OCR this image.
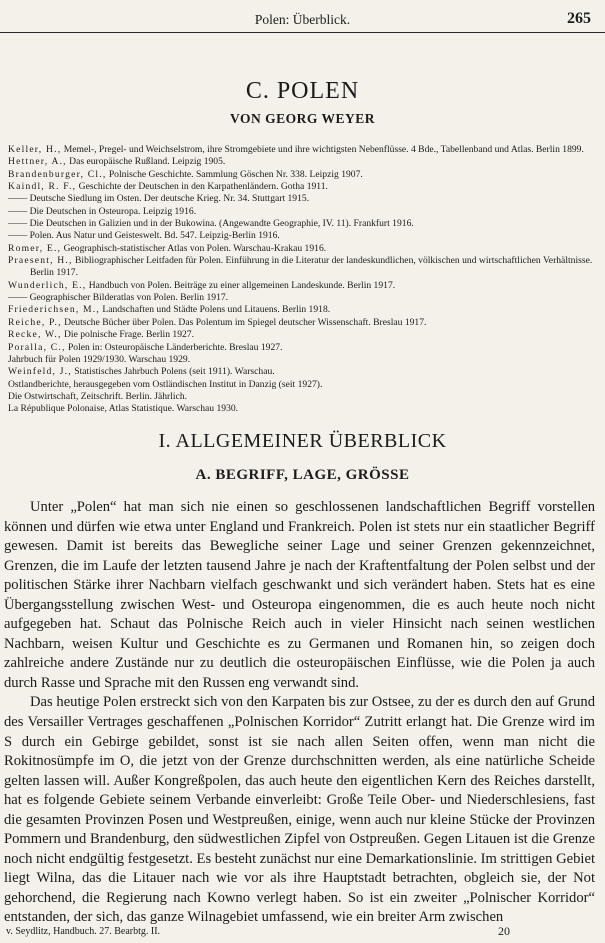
Polen: Überblick.	265
C. POLEN
VON GEORG WEYER
Keller, H., Memel-, Pregel- und Weichselstrom, ihre Stromgebiete und ihre wichtigsten Nebenflüsse. 4 Bde., Tabellenband und Atlas. Berlin 1899.
Hettner, A., Das europäische Rußland. Leipzig 1905.
Brandenburger, Cl., Polnische Geschichte. Sammlung Göschen Nr. 338. Leipzig 1907.
Kaindl, R. F., Geschichte der Deutschen in den Karpathenländern. Gotha 1911.
—— Deutsche Siedlung im Osten. Der deutsche Krieg. Nr. 34. Stuttgart 1915.
—— Die Deutschen in Osteuropa. Leipzig 1916.
—— Die Deutschen in Galizien und in der Bukowina. (Angewandte Geographie, IV. 11). Frankfurt 1916.
—— Polen. Aus Natur und Geisteswelt. Bd. 547. Leipzig-Berlin 1916.
Romer, E., Geographisch-statistischer Atlas von Polen. Warschau-Krakau 1916.
Praesent, H., Bibliographischer Leitfaden für Polen. Einführung in die Literatur der landeskundlichen, völkischen und wirtschaftlichen Verhältnisse. Berlin 1917.
Wunderlich, E., Handbuch von Polen. Beiträge zu einer allgemeinen Landeskunde. Berlin 1917.
—— Geographischer Bilderatlas von Polen. Berlin 1917.
Friederichsen, M., Landschaften und Städte Polens und Litauens. Berlin 1918.
Reiche, P., Deutsche Bücher über Polen. Das Polentum im Spiegel deutscher Wissenschaft. Breslau 1917.
Recke, W., Die polnische Frage. Berlin 1927.
Poralla, C., Polen in: Osteuropäische Länderberichte. Breslau 1927.
Jahrbuch für Polen 1929/1930. Warschau 1929.
Weinfeld, J., Statistisches Jahrbuch Polens (seit 1911). Warschau.
Ostlandberichte, herausgegeben vom Ostländischen Institut in Danzig (seit 1927).
Die Ostwirtschaft, Zeitschrift. Berlin. Jährlich.
La République Polonaise, Atlas Statistique. Warschau 1930.
I. ALLGEMEINER ÜBERBLICK
A. BEGRIFF, LAGE, GRÖSSE

Unter „Polen“ hat man sich nie einen so geschlossenen landschaftlichen Begriff vorstellen können und dürfen wie etwa unter England und Frankreich. Polen ist stets nur ein staatlicher Begriff gewesen. Damit ist bereits das Bewegliche seiner Lage und seiner Grenzen gekennzeichnet, Grenzen, die im Laufe der letzten tausend Jahre je nach der Kraftentfaltung der Polen selbst und der politischen Stärke ihrer Nachbarn vielfach geschwankt und sich verändert haben. Stets hat es eine Übergangsstellung zwischen West- und Osteuropa eingenommen, die es auch heute noch nicht aufgegeben hat. Schaut das Polnische Reich auch in vieler Hinsicht nach seinen westlichen Nachbarn, weisen Kultur und Geschichte es zu Germanen und Romanen hin, so zeigen doch zahlreiche andere Zustände nur zu deutlich die osteuropäischen Einflüsse, wie die Polen ja auch durch Rasse und Sprache mit den Russen eng verwandt sind.

Das heutige Polen erstreckt sich von den Karpaten bis zur Ostsee, zu der es durch den auf Grund des Versailler Vertrages geschaffenen „Polnischen Korridor“ Zutritt erlangt hat. Die Grenze wird im S durch ein Gebirge gebildet, sonst ist sie nach allen Seiten offen, wenn man nicht die Rokitnosümpfe im O, die jetzt von der Grenze durchschnitten werden, als eine natürliche Scheide gelten lassen will. Außer Kongreßpolen, das auch heute den eigentlichen Kern des Reiches darstellt, hat es folgende Gebiete seinem Verbande einverleibt: Große Teile Ober- und Niederschlesiens, fast die gesamten Provinzen Posen und Westpreußen, einige, wenn auch nur kleine Stücke der Provinzen Pommern und Brandenburg, den südwestlichen Zipfel von Ostpreußen. Gegen Litauen ist die Grenze noch nicht endgültig festgesetzt. Es besteht zunächst nur eine Demarkationslinie. Im strittigen Gebiet liegt Wilna, das die Litauer nach wie vor als ihre Hauptstadt betrachten, obgleich sie, der Not gehorchend, die Regierung nach Kowno verlegt haben. So ist ein zweiter „Polnischer Korridor“ entstanden, der sich, das ganze Wilnagebiet umfassend, wie ein breiter Arm zwischen

v. Seydlitz, Handbuch. 27. Bearbtg. II.	20
